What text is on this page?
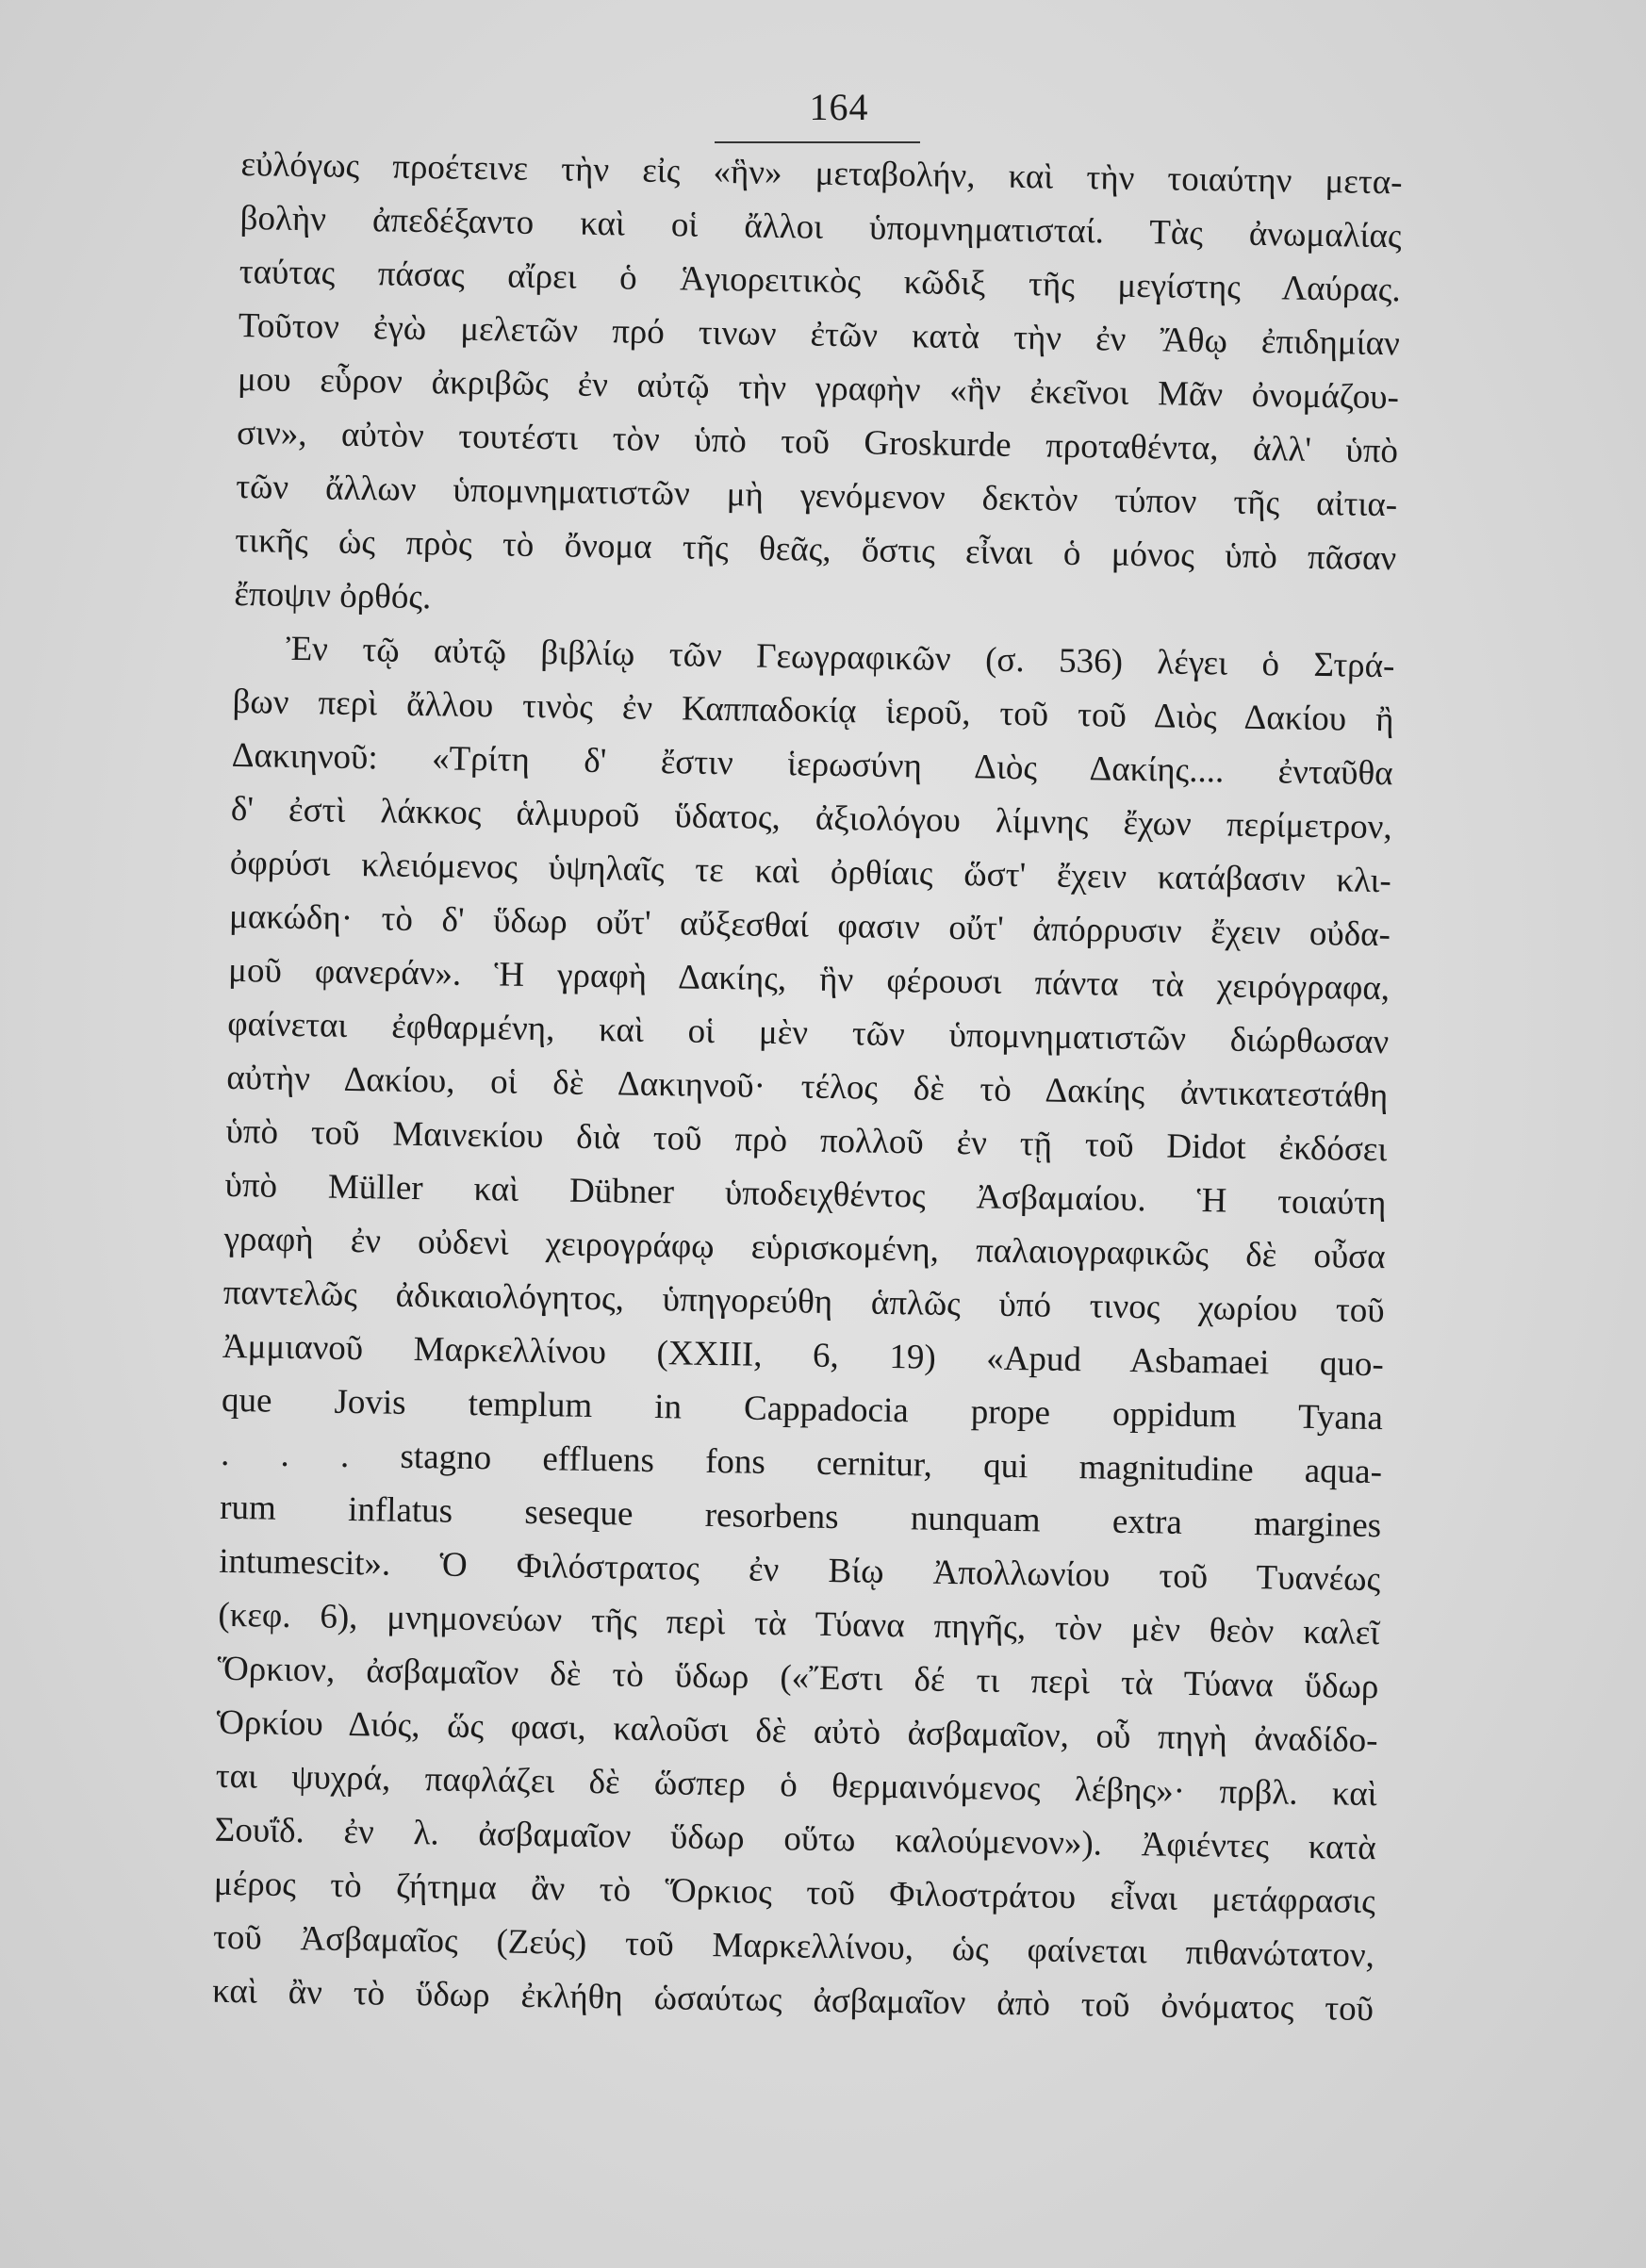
164
εὐλόγως προέτεινε τὴν εἰς «ἣν» μεταβολήν, καὶ τὴν τοιαύτην μετα-
βολὴν ἀπεδέξαντο καὶ οἱ ἄλλοι ὑπομνηματισταί. Τὰς ἀνωμαλίας
ταύτας πάσας αἴρει ὁ Ἁγιορειτικὸς κῶδιξ τῆς μεγίστης Λαύρας.
Τοῦτον ἐγὼ μελετῶν πρό τινων ἐτῶν κατὰ τὴν ἐν Ἄθῳ ἐπιδημίαν
μου εὗρον ἀκριβῶς ἐν αὐτῷ τὴν γραφὴν «ἣν ἐκεῖνοι Μᾶν ὀνομάζου-
σιν», αὐτὸν τουτέστι τὸν ὑπὸ τοῦ Groskurde προταθέντα, ἀλλ' ὑπὸ
τῶν ἄλλων ὑπομνηματιστῶν μὴ γενόμενον δεκτὸν τύπον τῆς αἰτια-
τικῆς ὡς πρὸς τὸ ὄνομα τῆς θεᾶς, ὅστις εἶναι ὁ μόνος ὑπὸ πᾶσαν
ἔποψιν ὀρθός.
Ἐν τῷ αὐτῷ βιβλίῳ τῶν Γεωγραφικῶν (σ. 536) λέγει ὁ Στρά-
βων περὶ ἄλλου τινὸς ἐν Καππαδοκίᾳ ἱεροῦ, τοῦ τοῦ Διὸς Δακίου ἢ
Δακιηνοῦ: «Τρίτη δ' ἔστιν ἱερωσύνη Διὸς Δακίης.... ἐνταῦθα
δ' ἐστὶ λάκκος ἁλμυροῦ ὕδατος, ἀξιολόγου λίμνης ἔχων περίμετρον,
ὀφρύσι κλειόμενος ὑψηλαῖς τε καὶ ὀρθίαις ὥστ' ἔχειν κατάβασιν κλι-
μακώδη· τὸ δ' ὕδωρ οὔτ' αὔξεσθαί φασιν οὔτ' ἀπόρρυσιν ἔχειν οὐδα-
μοῦ φανεράν». Ἡ γραφὴ Δακίης, ἣν φέρουσι πάντα τὰ χειρόγραφα,
φαίνεται ἐφθαρμένη, καὶ οἱ μὲν τῶν ὑπομνηματιστῶν διώρθωσαν
αὐτὴν Δακίου, οἱ δὲ Δακιηνοῦ· τέλος δὲ τὸ Δακίης ἀντικατεστάθη
ὑπὸ τοῦ Μαινεκίου διὰ τοῦ πρὸ πολλοῦ ἐν τῇ τοῦ Didot ἐκδόσει
ὑπὸ Müller καὶ Dübner ὑποδειχθέντος Ἀσβαμαίου. Ἡ τοιαύτη
γραφὴ ἐν οὐδενὶ χειρογράφῳ εὑρισκομένη, παλαιογραφικῶς δὲ οὖσα
παντελῶς ἀδικαιολόγητος, ὑπηγορεύθη ἁπλῶς ὑπό τινος χωρίου τοῦ
Ἀμμιανοῦ Μαρκελλίνου (XXIII, 6, 19) «Apud Asbamaei quo-
que Jovis templum in Cappadocia prope oppidum Tyana
. . . stagno effluens fons cernitur, qui magnitudine aqua-
rum inflatus seseque resorbens nunquam extra margines
intumescit». Ὁ Φιλόστρατος ἐν Βίῳ Ἀπολλωνίου τοῦ Τυανέως
(κεφ. 6), μνημονεύων τῆς περὶ τὰ Τύανα πηγῆς, τὸν μὲν θεὸν καλεῖ
Ὅρκιον, ἀσβαμαῖον δὲ τὸ ὕδωρ («Ἔστι δέ τι περὶ τὰ Τύανα ὕδωρ
Ὁρκίου Διός, ὥς φασι, καλοῦσι δὲ αὐτὸ ἀσβαμαῖον, οὗ πηγὴ ἀναδίδο-
ται ψυχρά, παφλάζει δὲ ὥσπερ ὁ θερμαινόμενος λέβης»· πρβλ. καὶ
Σουΐδ. ἐν λ. ἀσβαμαῖον ὕδωρ οὕτω καλούμενον»). Ἀφιέντες κατὰ
μέρος τὸ ζήτημα ἂν τὸ Ὅρκιος τοῦ Φιλοστράτου εἶναι μετάφρασις
τοῦ Ἀσβαμαῖος (Ζεύς) τοῦ Μαρκελλίνου, ὡς φαίνεται πιθανώτατον,
καὶ ἂν τὸ ὕδωρ ἐκλήθη ὡσαύτως ἀσβαμαῖον ἀπὸ τοῦ ὀνόματος τοῦ
